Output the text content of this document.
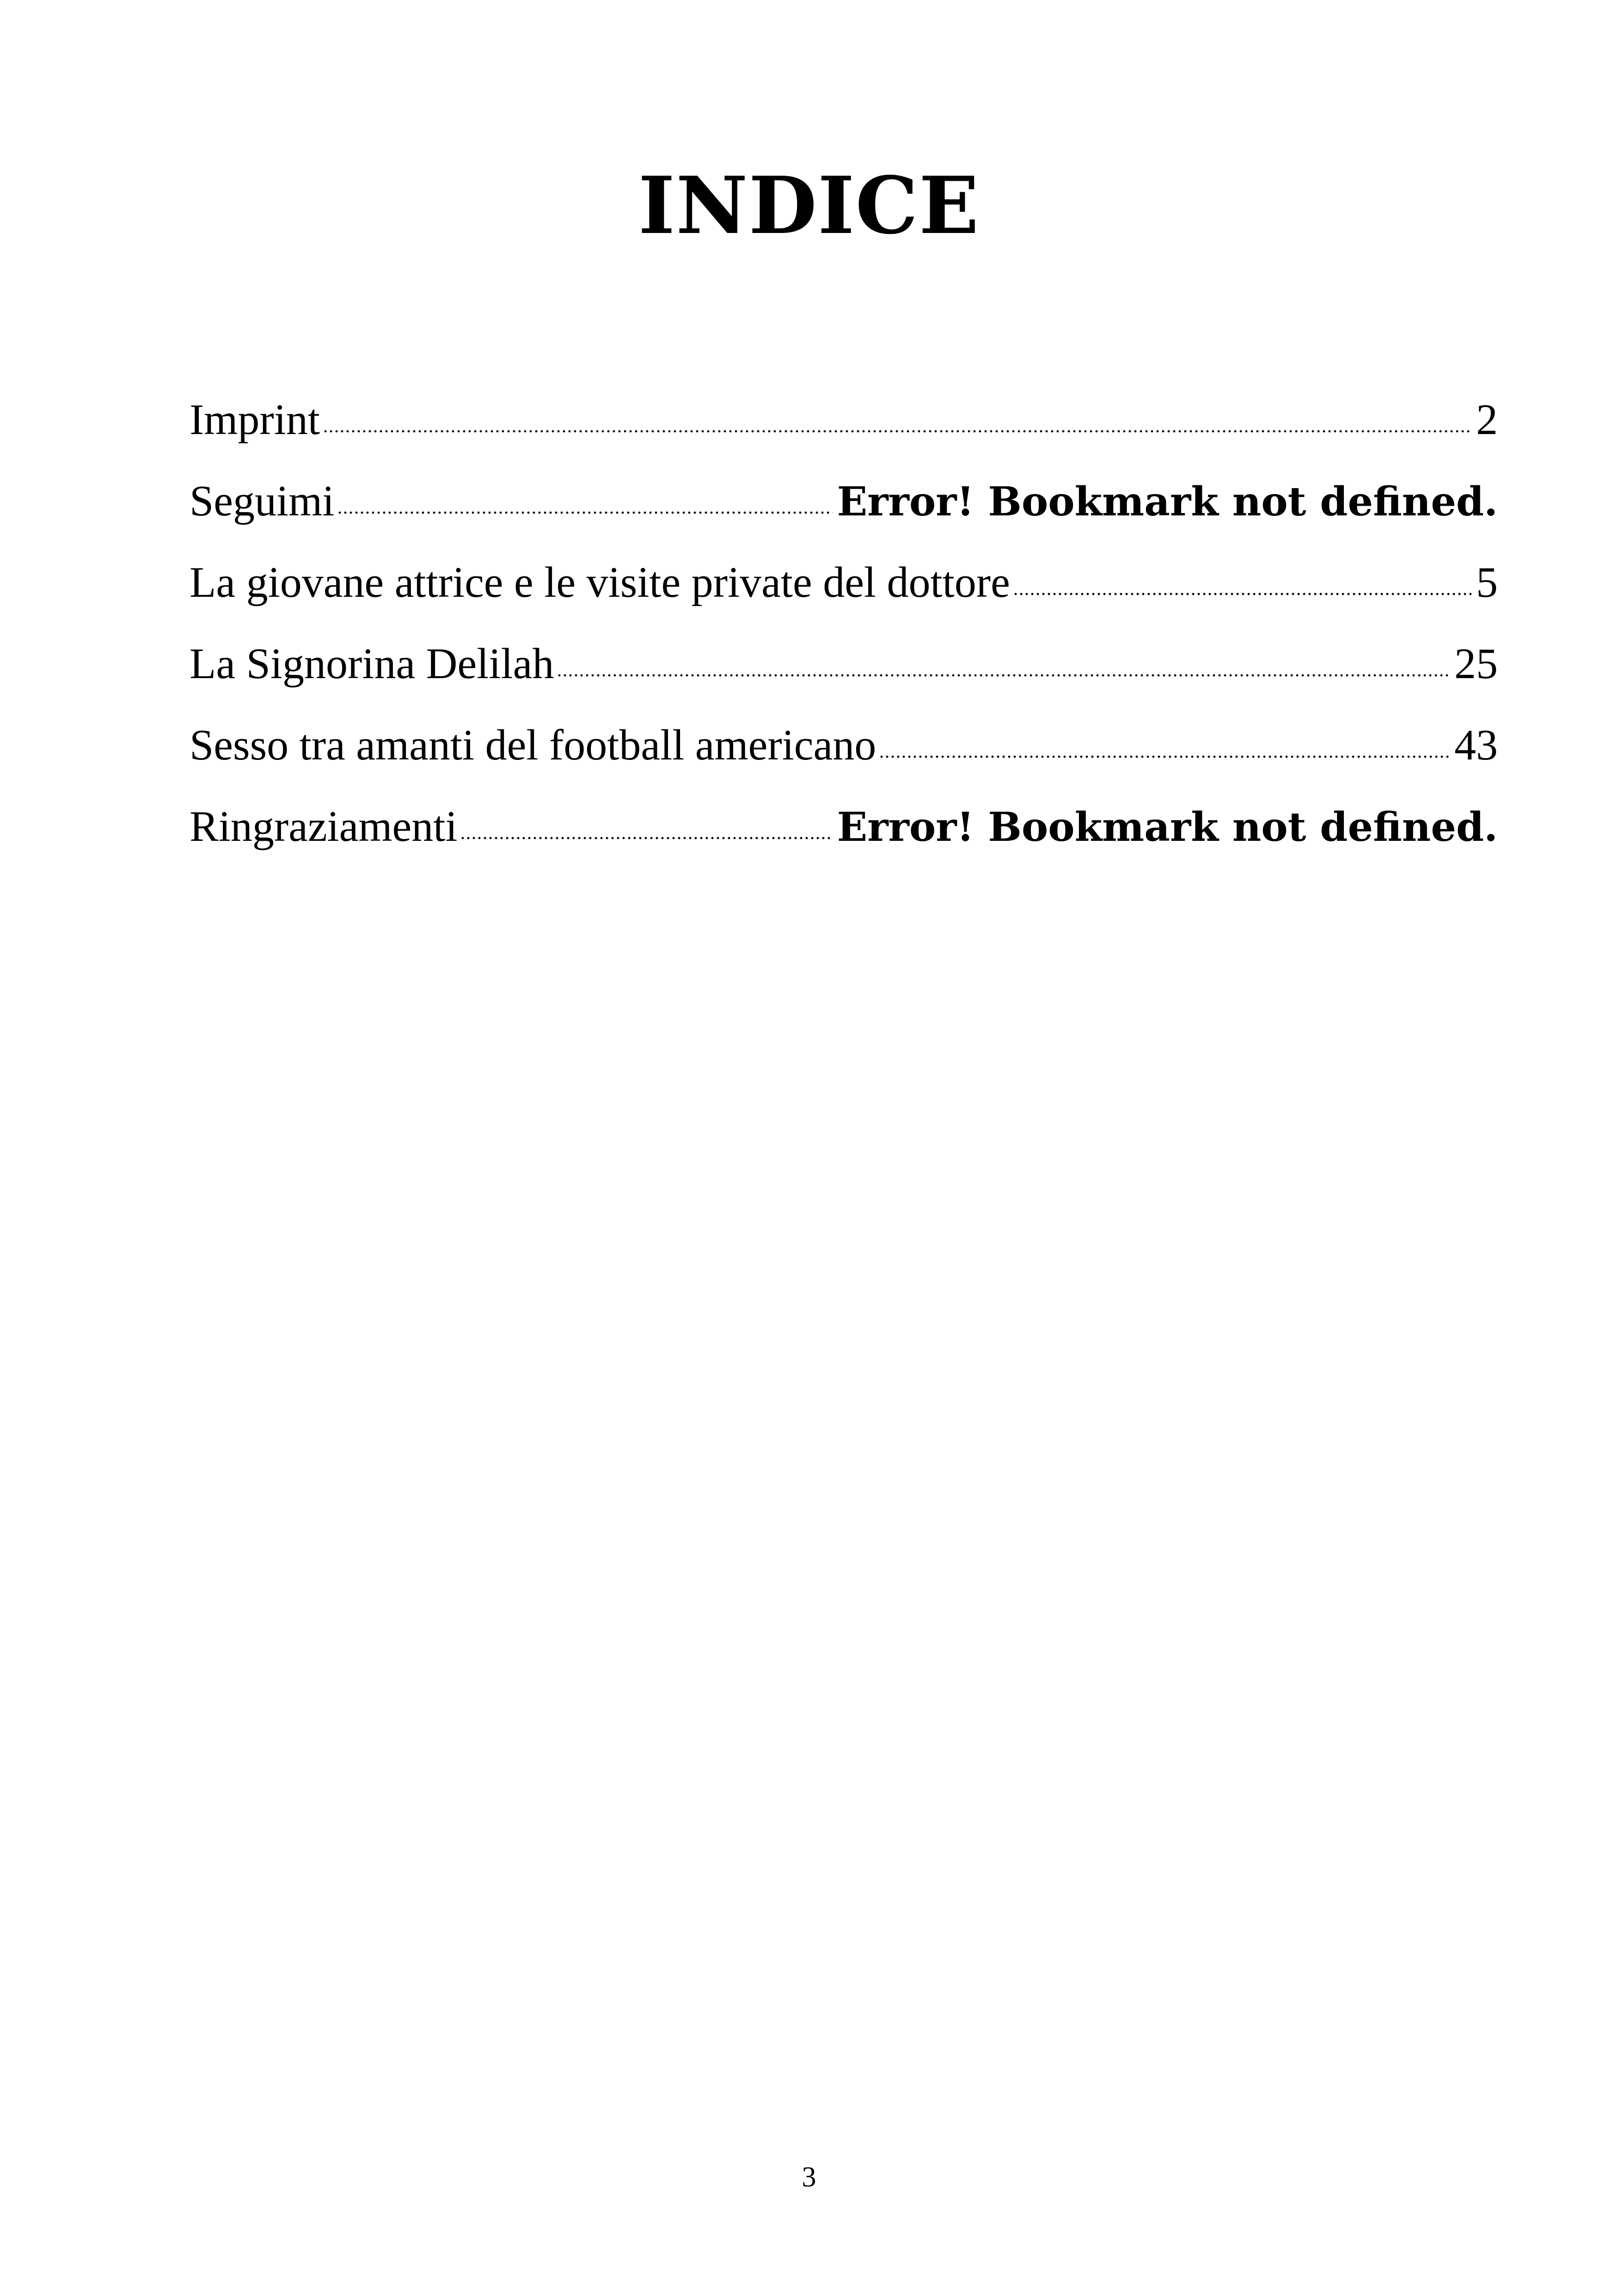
INDICE
Imprint	2
Seguimi	Error! Bookmark not defined.
La giovane attrice e le visite private del dottore	5
La Signorina Delilah	25
Sesso tra amanti del football americano	43
Ringraziamenti	Error! Bookmark not defined.
3
